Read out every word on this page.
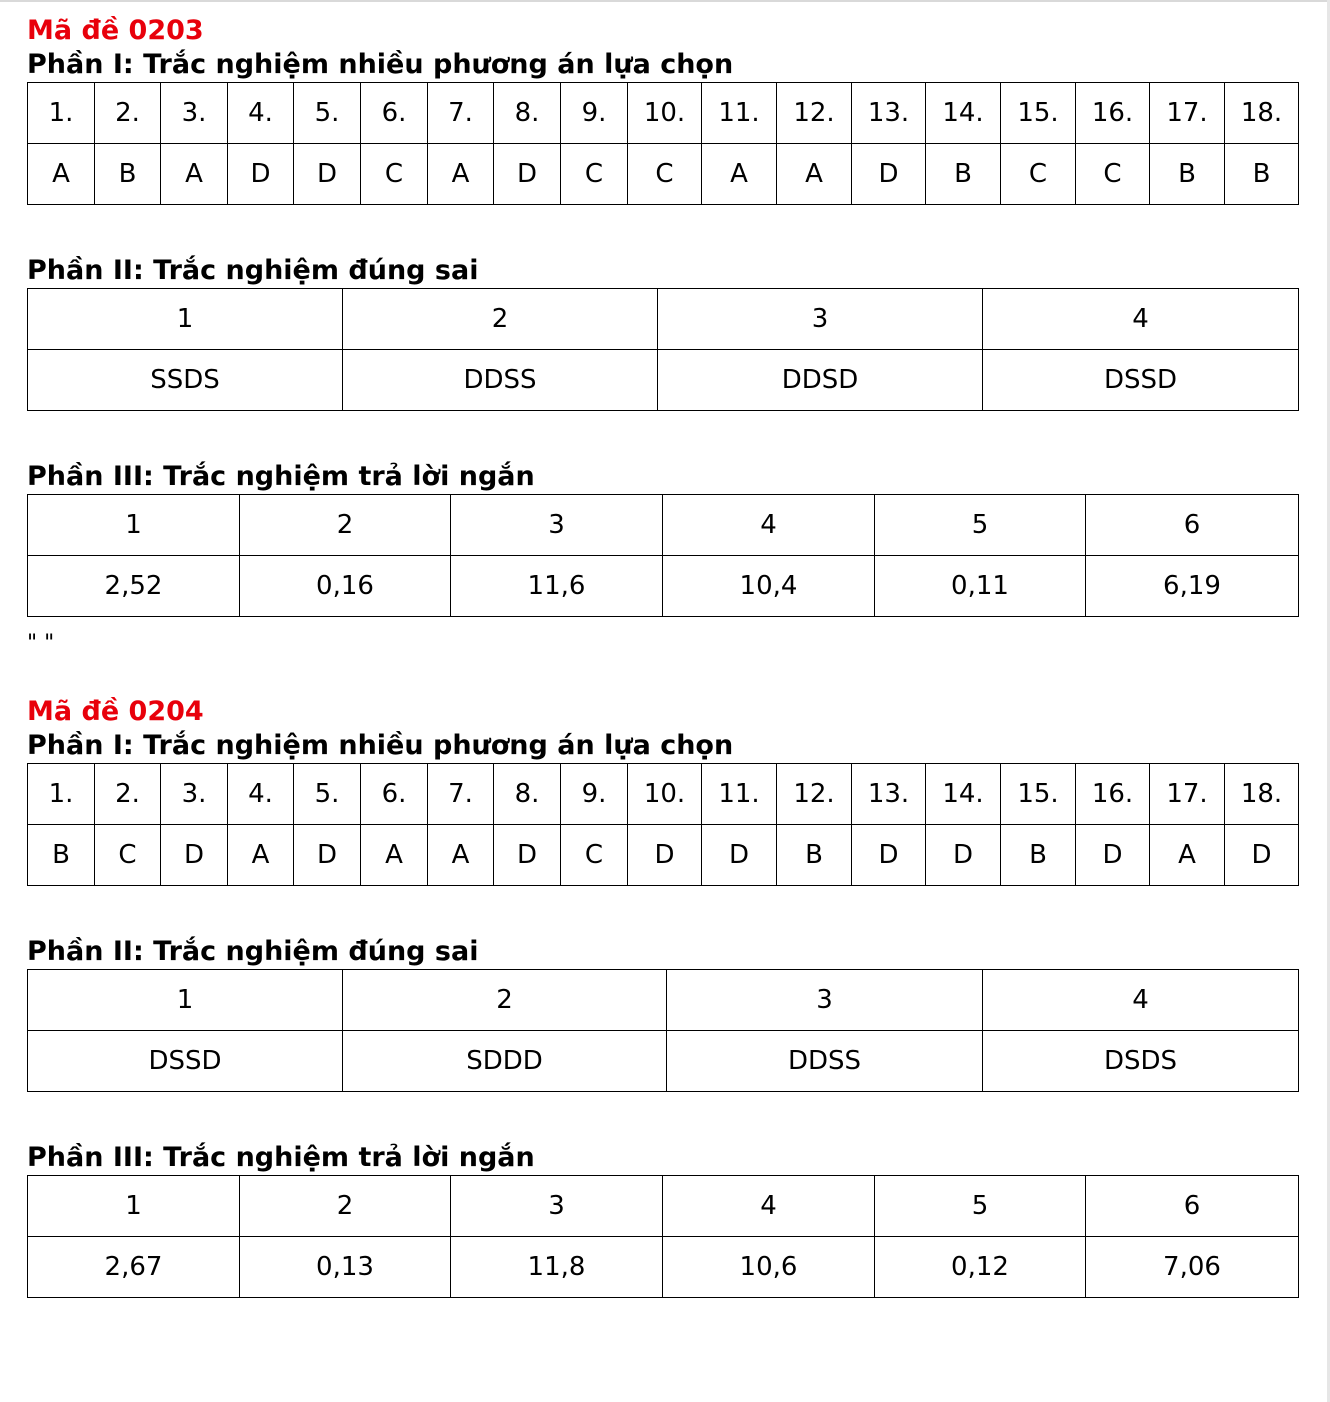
Mã đề 0203
Phần I: Trắc nghiệm nhiều phương án lựa chọn
1.	2.	3.	4.	5.	6.	7.	8.	9.	10.	11.	12.	13.	14.	15.	16.	17.	18.
A	B	A	D	D	C	A	D	C	C	A	A	D	B	C	C	B	B
Phần II: Trắc nghiệm đúng sai
1	2	3	4
SSDS	DDSS	DDSD	DSSD
Phần III: Trắc nghiệm trả lời ngắn
1	2	3	4	5	6
2,52	0,16	11,6	10,4	0,11	6,19
" "
Mã đề 0204
Phần I: Trắc nghiệm nhiều phương án lựa chọn
1.	2.	3.	4.	5.	6.	7.	8.	9.	10.	11.	12.	13.	14.	15.	16.	17.	18.
B	C	D	A	D	A	A	D	C	D	D	B	D	D	B	D	A	D
Phần II: Trắc nghiệm đúng sai
1	2	3	4
DSSD	SDDD	DDSS	DSDS
Phần III: Trắc nghiệm trả lời ngắn
1	2	3	4	5	6
2,67	0,13	11,8	10,6	0,12	7,06
